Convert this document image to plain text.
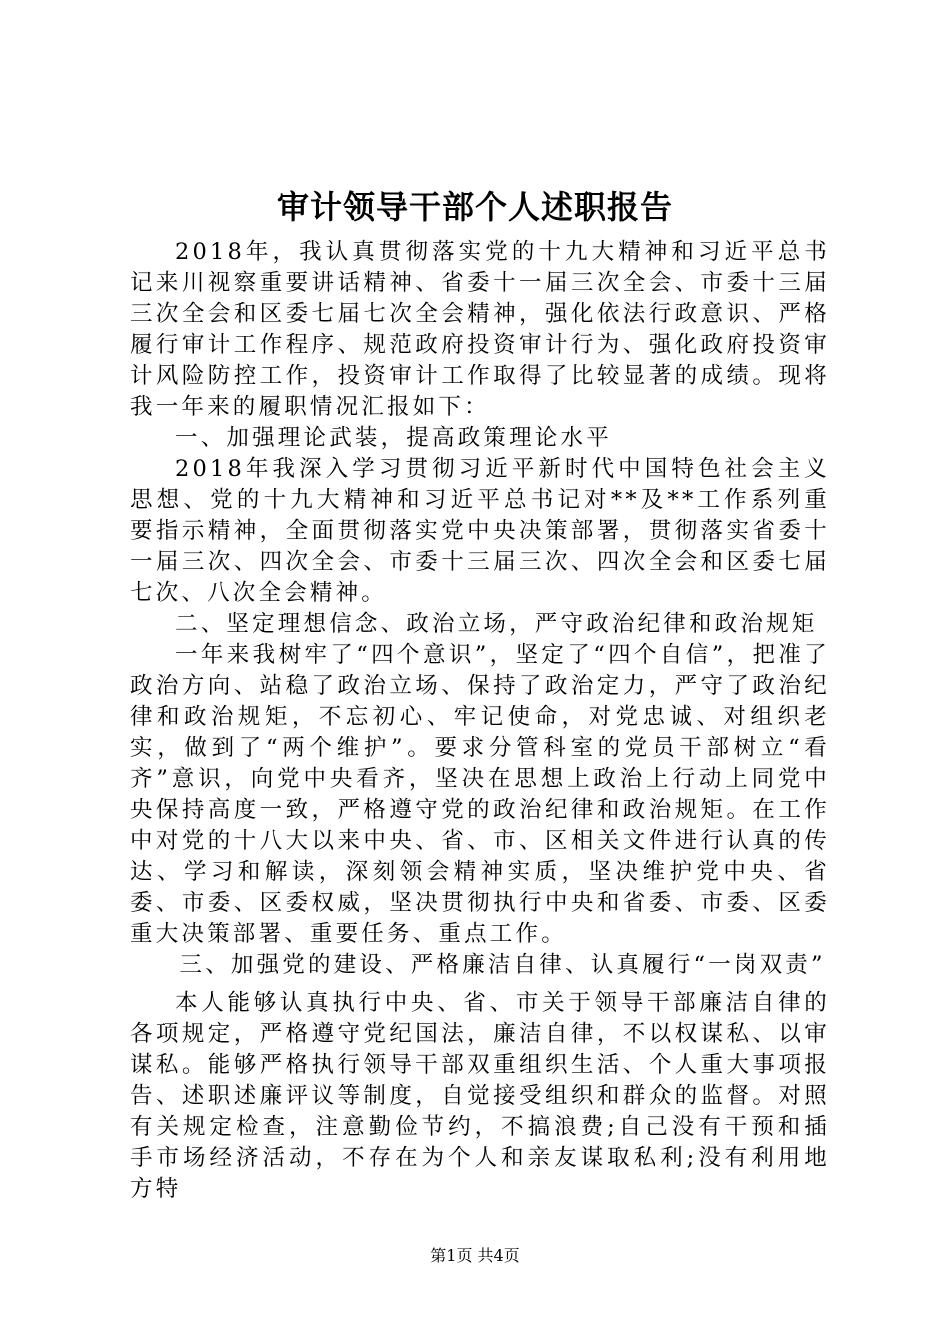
审计领导干部个人述职报告

2018年，我认真贯彻落实党的十九大精神和习近平总书记来川视察重要讲话精神、省委十一届三次全会、市委十三届三次全会和区委七届七次全会精神，强化依法行政意识、严格履行审计工作程序、规范政府投资审计行为、强化政府投资审计风险防控工作，投资审计工作取得了比较显著的成绩。现将我一年来的履职情况汇报如下：

一、加强理论武装，提高政策理论水平

2018年我深入学习贯彻习近平新时代中国特色社会主义思想、党的十九大精神和习近平总书记对**及**工作系列重要指示精神，全面贯彻落实党中央决策部署，贯彻落实省委十一届三次、四次全会、市委十三届三次、四次全会和区委七届七次、八次全会精神。

二、坚定理想信念、政治立场，严守政治纪律和政治规矩

一年来我树牢了“四个意识”，坚定了“四个自信”，把准了政治方向、站稳了政治立场、保持了政治定力，严守了政治纪律和政治规矩，不忘初心、牢记使命，对党忠诚、对组织老实，做到了“两个维护”。要求分管科室的党员干部树立“看齐”意识，向党中央看齐，坚决在思想上政治上行动上同党中央保持高度一致，严格遵守党的政治纪律和政治规矩。在工作中对党的十八大以来中央、省、市、区相关文件进行认真的传达、学习和解读，深刻领会精神实质，坚决维护党中央、省委、市委、区委权威，坚决贯彻执行中央和省委、市委、区委重大决策部署、重要任务、重点工作。

三、加强党的建设、严格廉洁自律、认真履行“一岗双责”

本人能够认真执行中央、省、市关于领导干部廉洁自律的各项规定，严格遵守党纪国法，廉洁自律，不以权谋私、以审谋私。能够严格执行领导干部双重组织生活、个人重大事项报告、述职述廉评议等制度，自觉接受组织和群众的监督。对照有关规定检查，注意勤俭节约，不搞浪费;自己没有干预和插手市场经济活动，不存在为个人和亲友谋取私利;没有利用地方特

第1页 共4页
